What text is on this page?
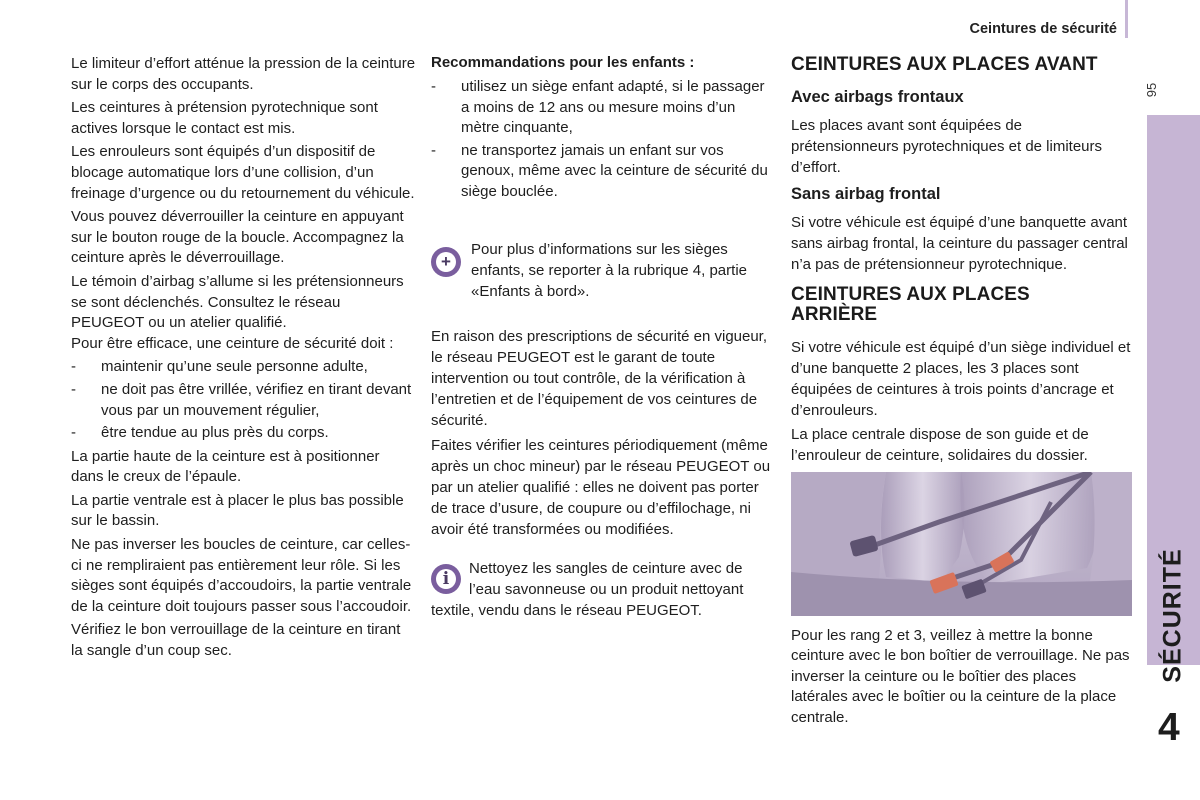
Ceintures de sécurité
95
SÉCURITÉ
4

Le limiteur d’effort atténue la pression de la ceinture sur le corps des occupants.

Les ceintures à prétension pyrotechnique sont actives lorsque le contact est mis.

Les enrouleurs sont équipés d’un dispositif de blocage automatique lors d’une collision, d’un freinage d’urgence ou du retournement du véhicule.

Vous pouvez déverrouiller la ceinture en appuyant sur le bouton rouge de la boucle. Accompagnez la ceinture après le déverrouillage.

Le témoin d’airbag s’allume si les prétensionneurs se sont déclenchés. Consultez le réseau PEUGEOT ou un atelier qualifié.

Pour être efficace, une ceinture de sécurité doit :

- maintenir qu’une seule personne adulte,
- ne doit pas être vrillée, vérifiez en tirant devant vous par un mouvement régulier,
- être tendue au plus près du corps.

La partie haute de la ceinture est à positionner dans le creux de l’épaule.

La partie ventrale est à placer le plus bas possible sur le bassin.

Ne pas inverser les boucles de ceinture, car celles-ci ne rempliraient pas entièrement leur rôle. Si les sièges sont équipés d’accoudoirs, la partie ventrale de la ceinture doit toujours passer sous l’accoudoir.

Vérifiez le bon verrouillage de la ceinture en tirant la sangle d’un coup sec.

Recommandations pour les enfants :

- utilisez un siège enfant adapté, si le passager a moins de 12 ans ou mesure moins d’un mètre cinquante,
- ne transportez jamais un enfant sur vos genoux, même avec la ceinture de sécurité du siège bouclée.
+
Pour plus d’informations sur les sièges enfants, se reporter à la rubrique 4, partie «Enfants à bord».

En raison des prescriptions de sécurité en vigueur, le réseau PEUGEOT est le garant de toute intervention ou tout contrôle, de la vérification à l’entretien et de l’équipement de vos ceintures de sécurité.

Faites vérifier les ceintures périodiquement (même après un choc mineur) par le réseau PEUGEOT ou par un atelier qualifié : elles ne doivent pas porter de trace d’usure, de coupure ou d’effilochage, ni avoir été transformées ou modifiées.

i
Nettoyez les sangles de ceinture avec de l’eau savonneuse ou un produit nettoyant textile, vendu dans le réseau PEUGEOT.
CEINTURES AUX PLACES AVANT
Avec airbags frontaux

Les places avant sont équipées de prétensionneurs pyrotechniques et de limiteurs d’effort.

Sans airbag frontal

Si votre véhicule est équipé d’une banquette avant sans airbag frontal, la ceinture du passager central n’a pas de prétensionneur pyrotechnique.

CEINTURES AUX PLACES ARRIÈRE

Si votre véhicule est équipé d’un siège individuel et d’une banquette 2 places, les 3 places sont équipées de ceintures à trois points d’ancrage et d’enrouleurs.

La place centrale dispose de son guide et de l’enrouleur de ceinture, solidaires du dossier.

Pour les rang 2 et 3, veillez à mettre la bonne ceinture avec le bon boîtier de verrouillage. Ne pas inverser la ceinture ou le boîtier des places latérales avec le boîtier ou la ceinture de la place centrale.
